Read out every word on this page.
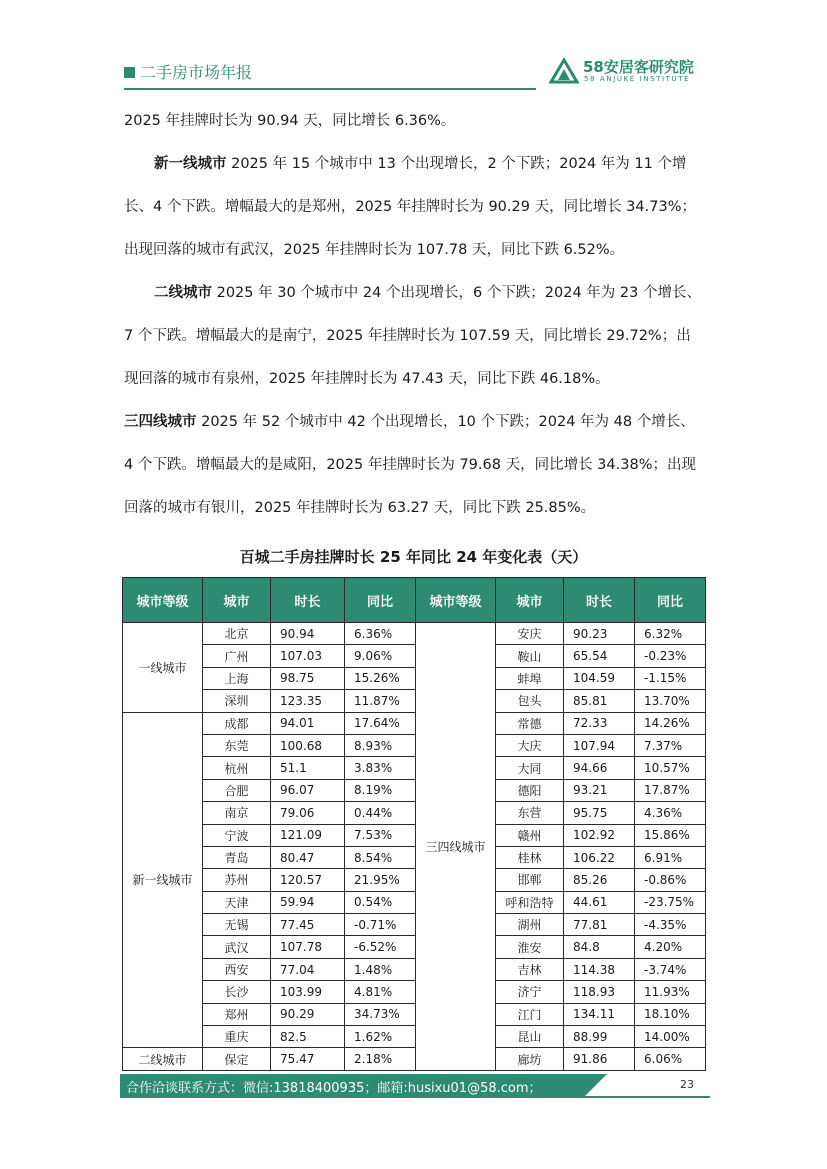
二手房市场年报	58安居客研究院
58 ANJUKE INSTITUTE
2025 年挂牌时长为 90.94 天，同比增长 6.36%。
新一线城市 2025 年 15 个城市中 13 个出现增长，2 个下跌；2024 年为 11 个增
长、4 个下跌。增幅最大的是郑州，2025 年挂牌时长为 90.29 天，同比增长 34.73%；
出现回落的城市有武汉，2025 年挂牌时长为 107.78 天，同比下跌 6.52%。
二线城市 2025 年 30 个城市中 24 个出现增长，6 个下跌；2024 年为 23 个增长、
7 个下跌。增幅最大的是南宁，2025 年挂牌时长为 107.59 天，同比增长 29.72%；出
现回落的城市有泉州，2025 年挂牌时长为 47.43 天，同比下跌 46.18%。
三四线城市 2025 年 52 个城市中 42 个出现增长，10 个下跌；2024 年为 48 个增长、
4 个下跌。增幅最大的是咸阳，2025 年挂牌时长为 79.68 天，同比增长 34.38%；出现
回落的城市有银川，2025 年挂牌时长为 63.27 天，同比下跌 25.85%。
百城二手房挂牌时长 25 年同比 24 年变化表（天）
城市等级	城市	时长	同比	城市等级	城市	时长	同比
一线城市	北京	90.94	6.36%	三四线城市	安庆	90.23	6.32%
	广州	107.03	9.06%		鞍山	65.54	-0.23%
	上海	98.75	15.26%		蚌埠	104.59	-1.15%
	深圳	123.35	11.87%		包头	85.81	13.70%
新一线城市	成都	94.01	17.64%		常德	72.33	14.26%
	东莞	100.68	8.93%		大庆	107.94	7.37%
	杭州	51.1	3.83%		大同	94.66	10.57%
	合肥	96.07	8.19%		德阳	93.21	17.87%
	南京	79.06	0.44%		东营	95.75	4.36%
	宁波	121.09	7.53%		赣州	102.92	15.86%
	青岛	80.47	8.54%		桂林	106.22	6.91%
	苏州	120.57	21.95%		邯郸	85.26	-0.86%
	天津	59.94	0.54%		呼和浩特	44.61	-23.75%
	无锡	77.45	-0.71%		湖州	77.81	-4.35%
	武汉	107.78	-6.52%		淮安	84.8	4.20%
	西安	77.04	1.48%		吉林	114.38	-3.74%
	长沙	103.99	4.81%		济宁	118.93	11.93%
	郑州	90.29	34.73%		江门	134.11	18.10%
	重庆	82.5	1.62%		昆山	88.99	14.00%
二线城市	保定	75.47	2.18%		廊坊	91.86	6.06%
合作洽谈联系方式：微信:13818400935；邮箱:husixu01@58.com；	23
